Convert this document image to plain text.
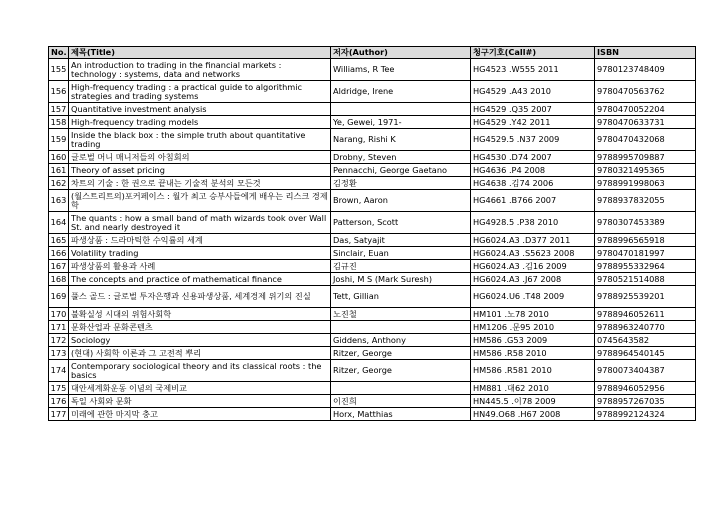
No.	제목(Title)	저자(Author)	청구기호(Call#)	ISBN
155	An introduction to trading in the financial markets : technology : systems, data and networks	Williams, R Tee	HG4523 .W555 2011	9780123748409
156	High-frequency trading : a practical guide to algorithmic strategies and trading systems	Aldridge, Irene	HG4529 .A43 2010	9780470563762
157	Quantitative investment analysis		HG4529 .Q35 2007	9780470052204
158	High-frequency trading models	Ye, Gewei, 1971-	HG4529 .Y42 2011	9780470633731
159	Inside the black box : the simple truth about quantitative trading	Narang, Rishi K	HG4529.5 .N37 2009	9780470432068
160	글로벌 머니 매니저들의 아침회의	Drobny, Steven	HG4530 .D74 2007	9788995709887
161	Theory of asset pricing	Pennacchi, George Gaetano	HG4636 .P4 2008	9780321495365
162	차트의 기술 : 한 권으로 끝내는 기술적 분석의 모든것	김정환	HG4638 .김74 2006	9788991998063
163	(월스트리트의)포커페이스 : 월가 최고 승부사들에게 배우는 리스크 경제학	Brown, Aaron	HG4661 .B766 2007	9788937832055
164	The quants : how a small band of math wizards took over Wall St. and nearly destroyed it	Patterson, Scott	HG4928.5 .P38 2010	9780307453389
165	파생상품 : 드라마틱한 수익률의 세계	Das, Satyajit	HG6024.A3 .D377 2011	9788996565918
166	Volatility trading	Sinclair, Euan	HG6024.A3 .S5623 2008	9780470181997
167	파생상품의 활용과 사례	김규진	HG6024.A3 .김16 2009	9788955332964
168	The concepts and practice of mathematical finance	Joshi, M S (Mark Suresh)	HG6024.A3 .J67 2008	9780521514088
169	풀스 골드 : 글로벌 투자은행과 신용파생상품, 세계경제 위기의 진실	Tett, Gillian	HG6024.U6 .T48 2009	9788925539201
170	불확실성 시대의 위험사회학	노진철	HM101 .노78 2010	9788946052611
171	문화산업과 문화콘텐츠		HM1206 .문95 2010	9788963240770
172	Sociology	Giddens, Anthony	HM586 .G53 2009	0745643582
173	(현대) 사회학 이론과 그 고전적 뿌리	Ritzer, George	HM586 .R58 2010	9788964540145
174	Contemporary sociological theory and its classical roots : the basics	Ritzer, George	HM586 .R581 2010	9780073404387
175	대안세계화운동 이념의 국제비교		HM881 .대62 2010	9788946052956
176	독일 사회와 문화	이진희	HN445.5 .이78 2009	9788957267035
177	미래에 관한 마지막 충고	Horx, Matthias	HN49.O68 .H67 2008	9788992124324
